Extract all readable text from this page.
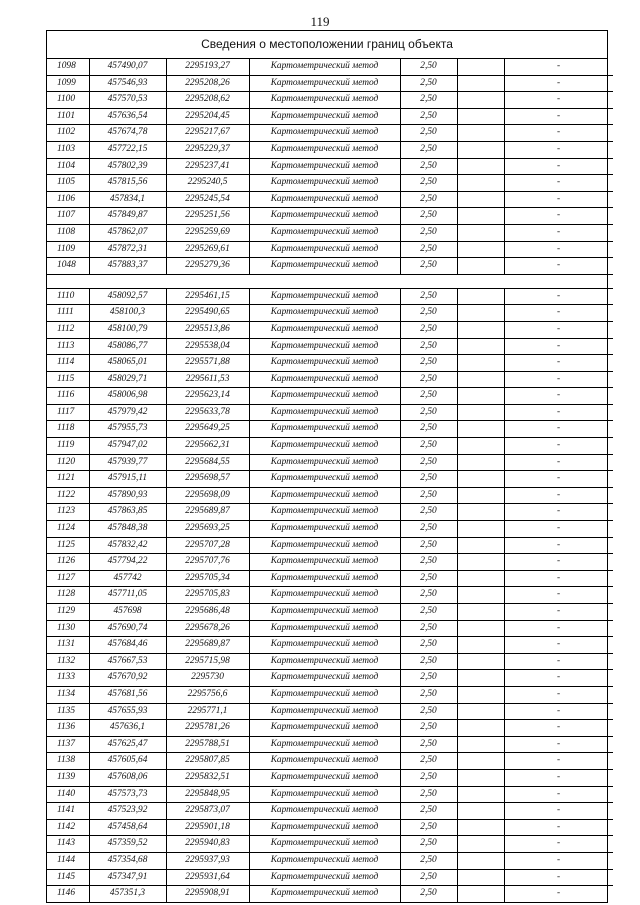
119
Сведения о местоположении границ объекта
1098	457490,07	2295193,27	Картометрический метод	2,50		-
1099	457546,93	2295208,26	Картометрический метод	2,50		-
1100	457570,53	2295208,62	Картометрический метод	2,50		-
1101	457636,54	2295204,45	Картометрический метод	2,50		-
1102	457674,78	2295217,67	Картометрический метод	2,50		-
1103	457722,15	2295229,37	Картометрический метод	2,50		-
1104	457802,39	2295237,41	Картометрический метод	2,50		-
1105	457815,56	2295240,5	Картометрический метод	2,50		-
1106	457834,1	2295245,54	Картометрический метод	2,50		-
1107	457849,87	2295251,56	Картометрический метод	2,50		-
1108	457862,07	2295259,69	Картометрический метод	2,50		-
1109	457872,31	2295269,61	Картометрический метод	2,50		-
1048	457883,37	2295279,36	Картометрический метод	2,50		-

1110	458092,57	2295461,15	Картометрический метод	2,50		-
1111	458100,3	2295490,65	Картометрический метод	2,50		-
1112	458100,79	2295513,86	Картометрический метод	2,50		-
1113	458086,77	2295538,04	Картометрический метод	2,50		-
1114	458065,01	2295571,88	Картометрический метод	2,50		-
1115	458029,71	2295611,53	Картометрический метод	2,50		-
1116	458006,98	2295623,14	Картометрический метод	2,50		-
1117	457979,42	2295633,78	Картометрический метод	2,50		-
1118	457955,73	2295649,25	Картометрический метод	2,50		-
1119	457947,02	2295662,31	Картометрический метод	2,50		-
1120	457939,77	2295684,55	Картометрический метод	2,50		-
1121	457915,11	2295698,57	Картометрический метод	2,50		-
1122	457890,93	2295698,09	Картометрический метод	2,50		-
1123	457863,85	2295689,87	Картометрический метод	2,50		-
1124	457848,38	2295693,25	Картометрический метод	2,50		-
1125	457832,42	2295707,28	Картометрический метод	2,50		-
1126	457794,22	2295707,76	Картометрический метод	2,50		-
1127	457742	2295705,34	Картометрический метод	2,50		-
1128	457711,05	2295705,83	Картометрический метод	2,50		-
1129	457698	2295686,48	Картометрический метод	2,50		-
1130	457690,74	2295678,26	Картометрический метод	2,50		-
1131	457684,46	2295689,87	Картометрический метод	2,50		-
1132	457667,53	2295715,98	Картометрический метод	2,50		-
1133	457670,92	2295730	Картометрический метод	2,50		-
1134	457681,56	2295756,6	Картометрический метод	2,50		-
1135	457655,93	2295771,1	Картометрический метод	2,50		-
1136	457636,1	2295781,26	Картометрический метод	2,50		-
1137	457625,47	2295788,51	Картометрический метод	2,50		-
1138	457605,64	2295807,85	Картометрический метод	2,50		-
1139	457608,06	2295832,51	Картометрический метод	2,50		-
1140	457573,73	2295848,95	Картометрический метод	2,50		-
1141	457523,92	2295873,07	Картометрический метод	2,50		-
1142	457458,64	2295901,18	Картометрический метод	2,50		-
1143	457359,52	2295940,83	Картометрический метод	2,50		-
1144	457354,68	2295937,93	Картометрический метод	2,50		-
1145	457347,91	2295931,64	Картометрический метод	2,50		-
1146	457351,3	2295908,91	Картометрический метод	2,50		-
